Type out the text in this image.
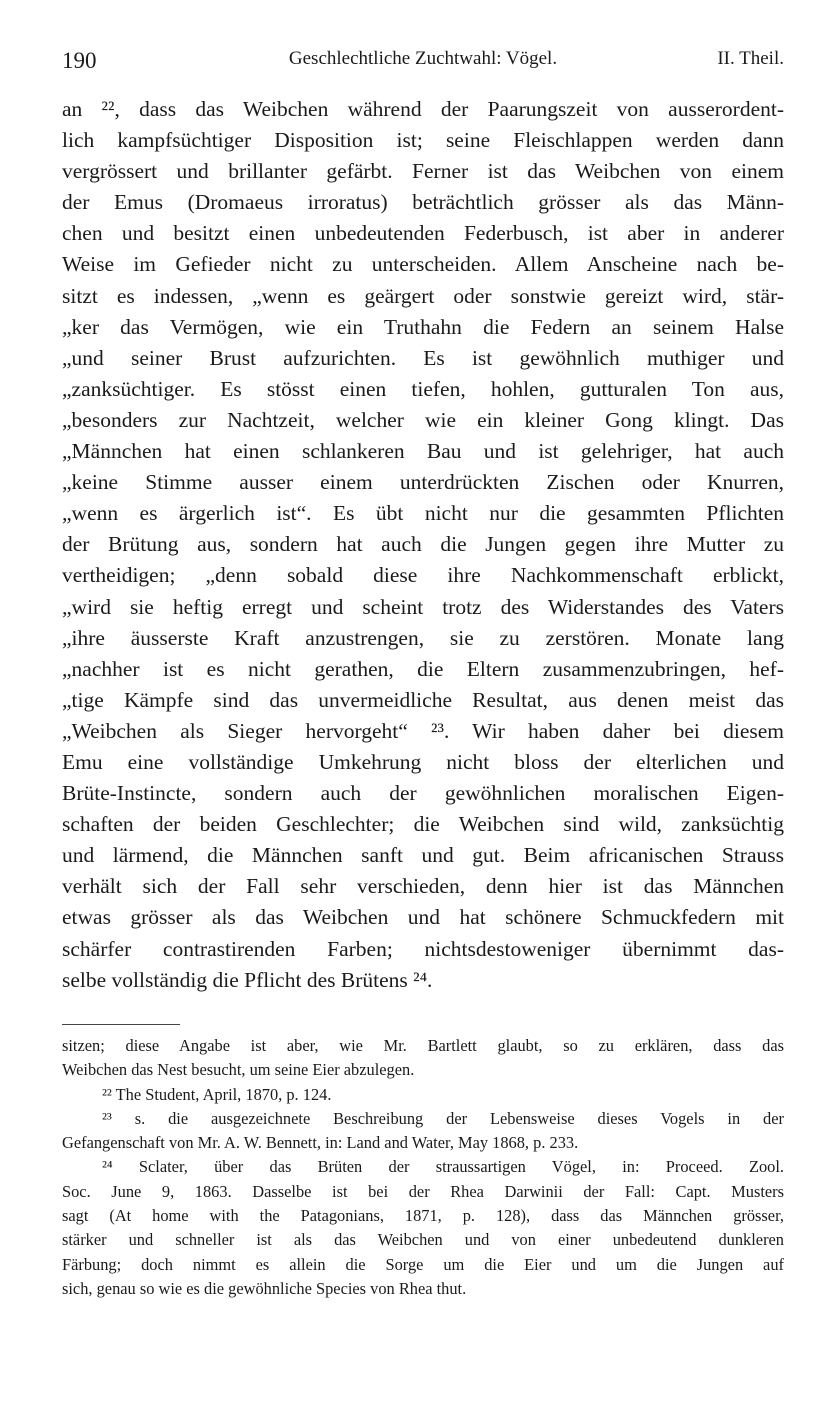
190	Geschlechtliche Zuchtwahl: Vögel.	II. Theil.
an ²², dass das Weibchen während der Paarungszeit von ausserordent-
lich kampfsüchtiger Disposition ist; seine Fleischlappen werden dann
vergrössert und brillanter gefärbt. Ferner ist das Weibchen von einem
der Emus (Dromaeus irroratus) beträchtlich grösser als das Männ-
chen und besitzt einen unbedeutenden Federbusch, ist aber in anderer
Weise im Gefieder nicht zu unterscheiden. Allem Anscheine nach be-
sitzt es indessen, „wenn es geärgert oder sonstwie gereizt wird, stär-
„ker das Vermögen, wie ein Truthahn die Federn an seinem Halse
„und seiner Brust aufzurichten. Es ist gewöhnlich muthiger und
„zanksüchtiger. Es stösst einen tiefen, hohlen, gutturalen Ton aus,
„besonders zur Nachtzeit, welcher wie ein kleiner Gong klingt. Das
„Männchen hat einen schlankeren Bau und ist gelehriger, hat auch
„keine Stimme ausser einem unterdrückten Zischen oder Knurren,
„wenn es ärgerlich ist“. Es übt nicht nur die gesammten Pflichten
der Brütung aus, sondern hat auch die Jungen gegen ihre Mutter zu
vertheidigen; „denn sobald diese ihre Nachkommenschaft erblickt,
„wird sie heftig erregt und scheint trotz des Widerstandes des Vaters
„ihre äusserste Kraft anzustrengen, sie zu zerstören. Monate lang
„nachher ist es nicht gerathen, die Eltern zusammenzubringen, hef-
„tige Kämpfe sind das unvermeidliche Resultat, aus denen meist das
„Weibchen als Sieger hervorgeht“ ²³. Wir haben daher bei diesem
Emu eine vollständige Umkehrung nicht bloss der elterlichen und
Brüte-Instincte, sondern auch der gewöhnlichen moralischen Eigen-
schaften der beiden Geschlechter; die Weibchen sind wild, zanksüchtig
und lärmend, die Männchen sanft und gut. Beim africanischen Strauss
verhält sich der Fall sehr verschieden, denn hier ist das Männchen
etwas grösser als das Weibchen und hat schönere Schmuckfedern mit
schärfer contrastirenden Farben; nichtsdestoweniger übernimmt das-
selbe vollständig die Pflicht des Brütens ²⁴.
sitzen; diese Angabe ist aber, wie Mr. Bartlett glaubt, so zu erklären, dass das
Weibchen das Nest besucht, um seine Eier abzulegen.
²² The Student, April, 1870, p. 124.
²³ s. die ausgezeichnete Beschreibung der Lebensweise dieses Vogels in der
Gefangenschaft von Mr. A. W. Bennett, in: Land and Water, May 1868, p. 233.
²⁴ Sclater, über das Brüten der straussartigen Vögel, in: Proceed. Zool.
Soc. June 9, 1863. Dasselbe ist bei der Rhea Darwinii der Fall: Capt. Musters
sagt (At home with the Patagonians, 1871, p. 128), dass das Männchen grösser,
stärker und schneller ist als das Weibchen und von einer unbedeutend dunkleren
Färbung; doch nimmt es allein die Sorge um die Eier und um die Jungen auf
sich, genau so wie es die gewöhnliche Species von Rhea thut.
